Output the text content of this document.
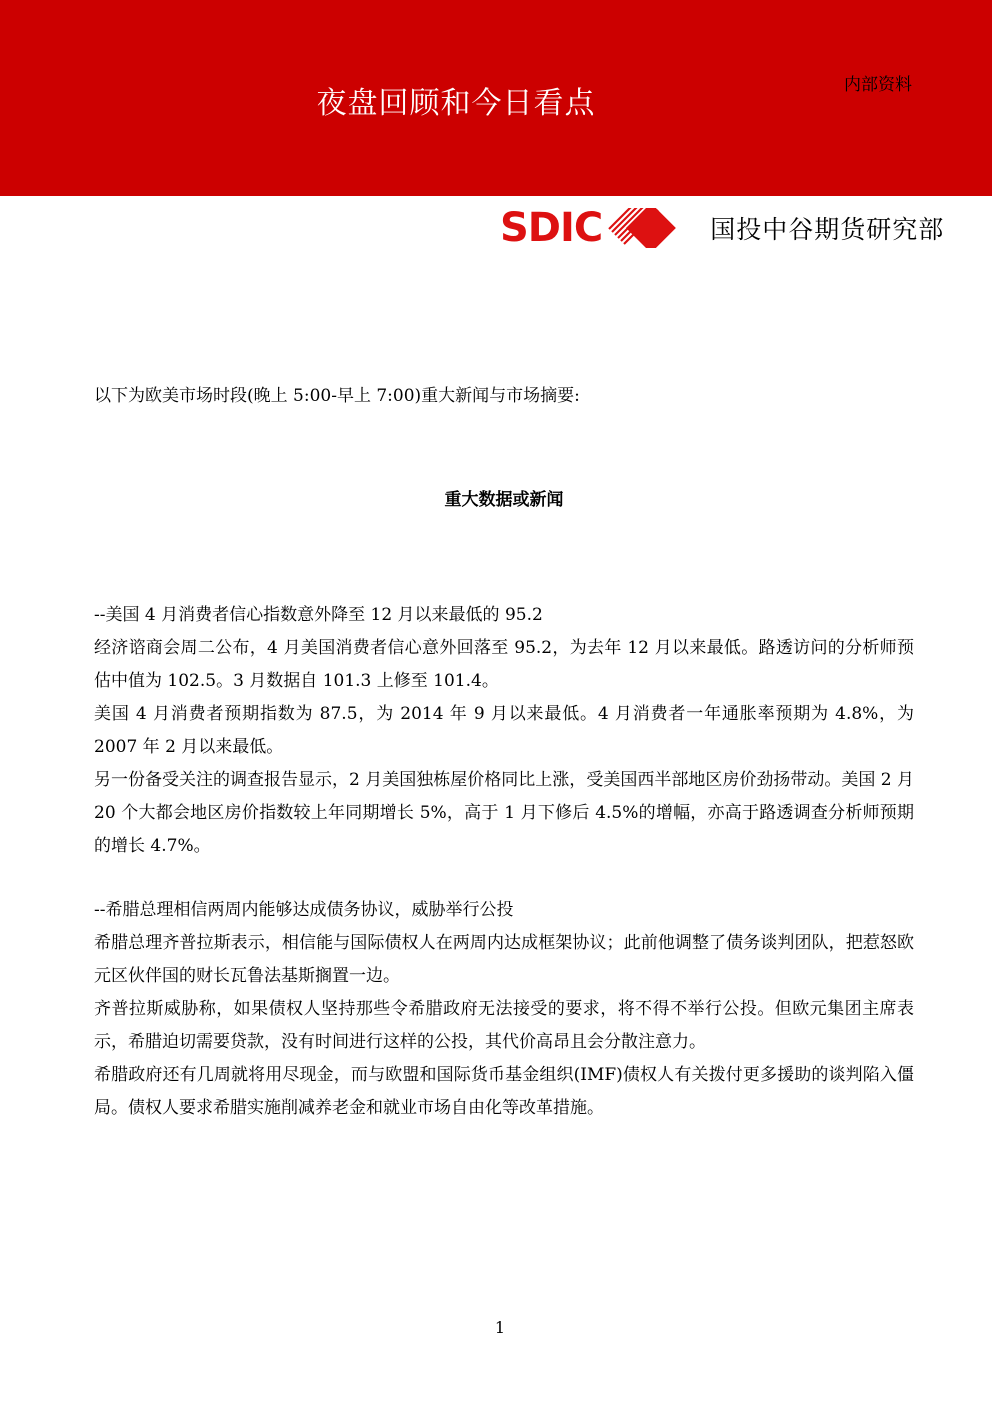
夜盘回顾和今日看点
内部资料
SDIC	国投中谷期货研究部

以下为欧美市场时段(晚上 5:00-早上 7:00)重大新闻与市场摘要:

重大数据或新闻

--美国 4 月消费者信心指数意外降至 12 月以来最低的 95.2

经济谘商会周二公布，4 月美国消费者信心意外回落至 95.2，为去年 12 月以来最低。路透访问的分析师预估中值为 102.5。3 月数据自 101.3 上修至 101.4。

美国 4 月消费者预期指数为 87.5，为 2014 年 9 月以来最低。4 月消费者一年通胀率预期为 4.8%，为 2007 年 2 月以来最低。

另一份备受关注的调查报告显示，2 月美国独栋屋价格同比上涨，受美国西半部地区房价劲扬带动。美国 2 月 20 个大都会地区房价指数较上年同期增长 5%，高于 1 月下修后 4.5%的增幅，亦高于路透调查分析师预期的增长 4.7%。

--希腊总理相信两周内能够达成债务协议，威胁举行公投

希腊总理齐普拉斯表示，相信能与国际债权人在两周内达成框架协议；此前他调整了债务谈判团队，把惹怒欧元区伙伴国的财长瓦鲁法基斯搁置一边。

齐普拉斯威胁称，如果债权人坚持那些令希腊政府无法接受的要求，将不得不举行公投。但欧元集团主席表示，希腊迫切需要贷款，没有时间进行这样的公投，其代价高昂且会分散注意力。

希腊政府还有几周就将用尽现金，而与欧盟和国际货币基金组织(IMF)债权人有关拨付更多援助的谈判陷入僵局。债权人要求希腊实施削减养老金和就业市场自由化等改革措施。

1
